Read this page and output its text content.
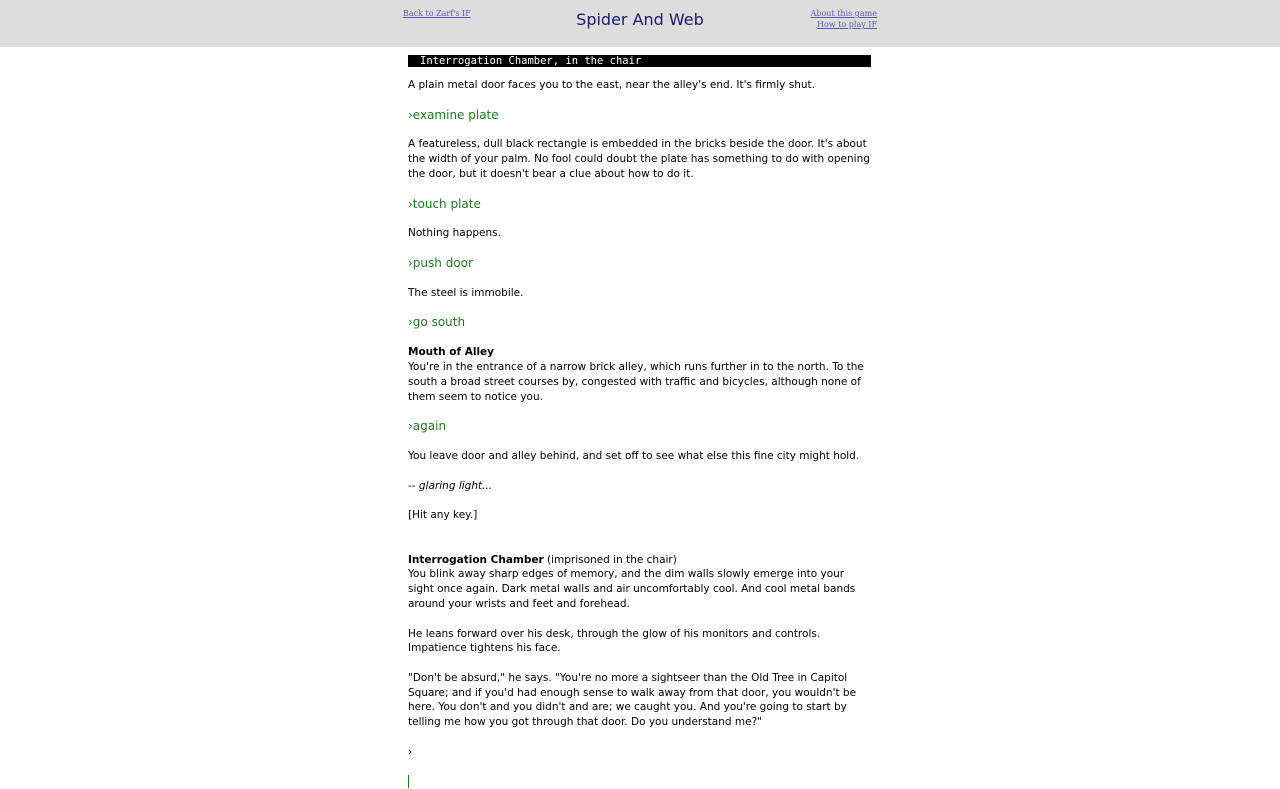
Back to Zarf's IF	Spider And Web	About this game
How to play IF
Interrogation Chamber, in the chair

A plain metal door faces you to the east, near the alley's end. It's firmly shut.

›examine plate

A featureless, dull black rectangle is embedded in the bricks beside the door. It's about the width of your palm. No fool could doubt the plate has something to do with opening the door, but it doesn't bear a clue about how to do it.

›touch plate

Nothing happens.

›push door

The steel is immobile.

›go south

Mouth of Alley

You're in the entrance of a narrow brick alley, which runs further in to the north. To the south a broad street courses by, congested with traffic and bicycles, although none of them seem to notice you.

›again

You leave door and alley behind, and set off to see what else this fine city might hold.

-- glaring light...

[Hit any key.]

Interrogation Chamber (imprisoned in the chair)

You blink away sharp edges of memory, and the dim walls slowly emerge into your sight once again. Dark metal walls and air uncomfortably cool. And cool metal bands around your wrists and feet and forehead.

He leans forward over his desk, through the glow of his monitors and controls. Impatience tightens his face.

"Don't be absurd," he says. "You're no more a sightseer than the Old Tree in Capitol Square; and if you'd had enough sense to walk away from that door, you wouldn't be here. You don't and you didn't and are; we caught you. And you're going to start by telling me how you got through that door. Do you understand me?"

›
